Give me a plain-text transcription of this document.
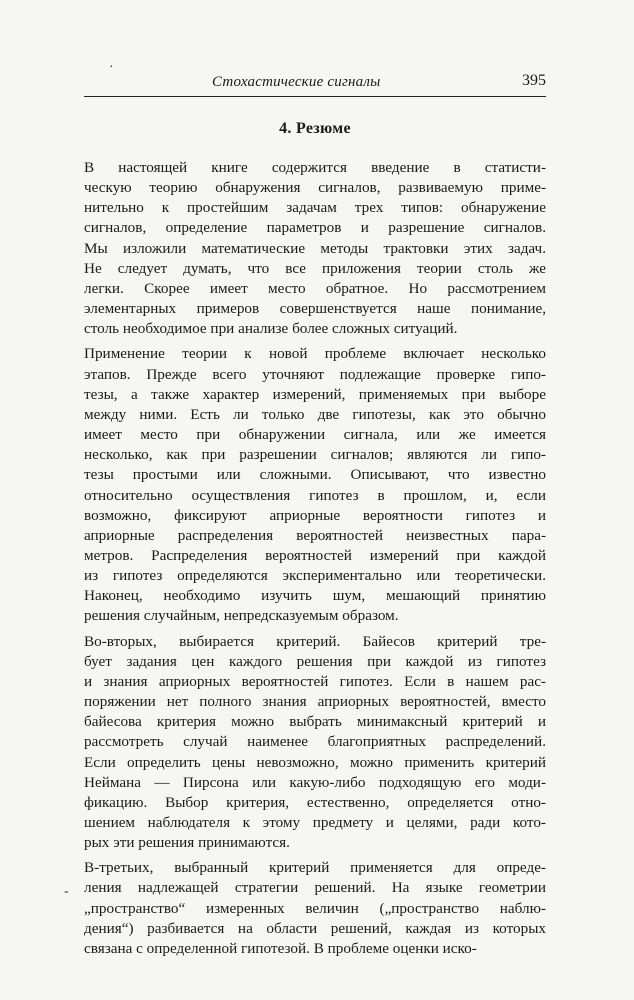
·
Стохастические сигналы	395
4. Резюме

В настоящей книге содержится введение в статисти-
ческую теорию обнаружения сигналов, развиваемую приме-
нительно к простейшим задачам трех типов: обнаружение
сигналов, определение параметров и разрешение сигналов.
Мы изложили математические методы трактовки этих задач.
Не следует думать, что все приложения теории столь же
легки. Скорее имеет место обратное. Но рассмотрением
элементарных примеров совершенствуется наше понимание,
столь необходимое при анализе более сложных ситуаций.

Применение теории к новой проблеме включает несколько
этапов. Прежде всего уточняют подлежащие проверке гипо-
тезы, а также характер измерений, применяемых при выборе
между ними. Есть ли только две гипотезы, как это обычно
имеет место при обнаружении сигнала, или же имеется
несколько, как при разрешении сигналов; являются ли гипо-
тезы простыми или сложными. Описывают, что известно
относительно осуществления гипотез в прошлом, и, если
возможно, фиксируют априорные вероятности гипотез и
априорные распределения вероятностей неизвестных пара-
метров. Распределения вероятностей измерений при каждой
из гипотез определяются экспериментально или теоретически.
Наконец, необходимо изучить шум, мешающий принятию
решения случайным, непредсказуемым образом.

Во-вторых, выбирается критерий. Байесов критерий тре-
бует задания цен каждого решения при каждой из гипотез
и знания априорных вероятностей гипотез. Если в нашем рас-
поряжении нет полного знания априорных вероятностей, вместо
байесова критерия можно выбрать минимаксный критерий и
рассмотреть случай наименее благоприятных распределений.
Если определить цены невозможно, можно применить критерий
Неймана — Пирсона или какую-либо подходящую его моди-
фикацию. Выбор критерия, естественно, определяется отно-
шением наблюдателя к этому предмету и целями, ради кото-
рых эти решения принимаются.

В-третьих, выбранный критерий применяется для опреде-
ления надлежащей стратегии решений. На языке геометрии
„пространство“ измеренных величин („пространство наблю-
дения“) разбивается на области решений, каждая из которых
связана с определенной гипотезой. В проблеме оценки иско-

-
